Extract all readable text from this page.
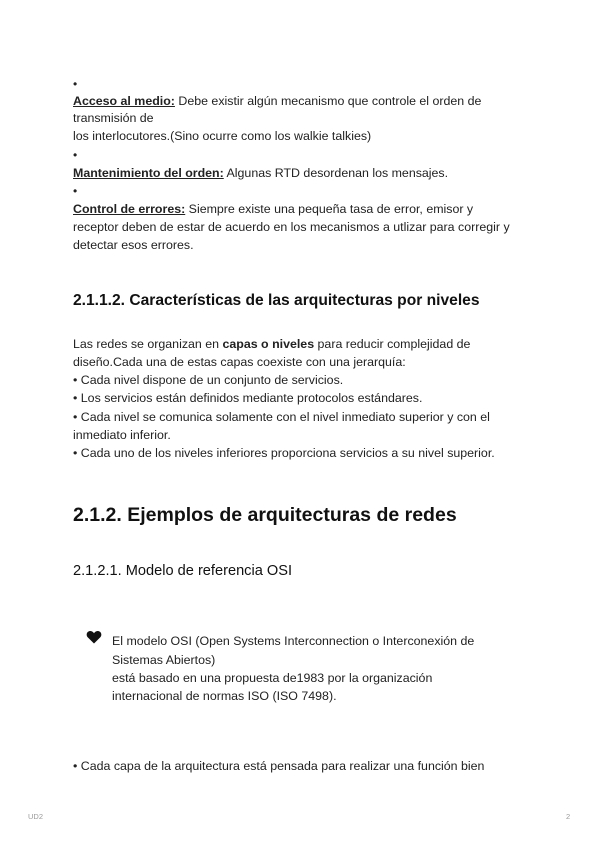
•
Acceso al medio: Debe existir algún mecanismo que controle el orden de
transmisión de
los interlocutores.(Sino ocurre como los walkie talkies)
•
Mantenimiento del orden: Algunas RTD desordenan los mensajes.
•
Control de errores: Siempre existe una pequeña tasa de error, emisor y
receptor deben de estar de acuerdo en los mecanismos a utlizar para corregir y
detectar esos errores.
2.1.1.2. Características de las arquitecturas por niveles
Las redes se organizan en capas o niveles para reducir complejidad de
diseño.Cada una de estas capas coexiste con una jerarquía:
• Cada nivel dispone de un conjunto de servicios.
• Los servicios están definidos mediante protocolos estándares.
• Cada nivel se comunica solamente con el nivel inmediato superior y con el
inmediato inferior.
• Cada uno de los niveles inferiores proporciona servicios a su nivel superior.
2.1.2. Ejemplos de arquitecturas de redes
2.1.2.1. Modelo de referencia OSI
El modelo OSI (Open Systems Interconnection o Interconexión de
Sistemas Abiertos)
está basado en una propuesta de1983 por la organización
internacional de normas ISO (ISO 7498).
• Cada capa de la arquitectura está pensada para realizar una función bien
UD2	2
